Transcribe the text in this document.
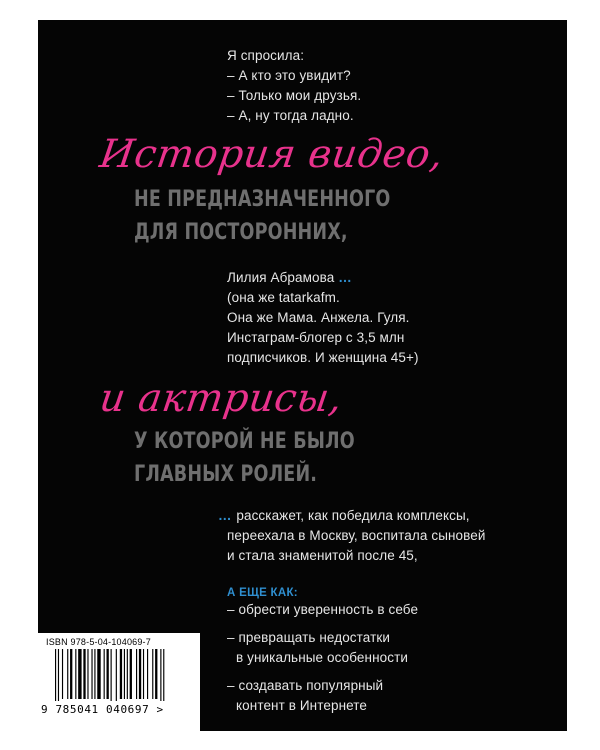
Я спросила:
– А кто это увидит?
– Только мои друзья.
– А, ну тогда ладно.
История видео,
НЕ ПРЕДНАЗНАЧЕННОГО
ДЛЯ ПОСТОРОННИХ,
Лилия Абрамова …
(она же tatarkafm.
Она же Мама. Анжела. Гуля.
Инстаграм-блогер с 3,5 млн
подписчиков. И женщина 45+)
и актрисы,
У КОТОРОЙ НЕ БЫЛО
ГЛАВНЫХ РОЛЕЙ.
… расскажет, как победила комплексы,
переехала в Москву, воспитала сыновей
и стала знаменитой после 45,
А ЕЩЕ КАК:
– обрести уверенность в себе
– превращать недостатки
в уникальные особенности
– создавать популярный
контент в Интернете
ISBN 978-5-04-104069-7
9 785041 040697 >
